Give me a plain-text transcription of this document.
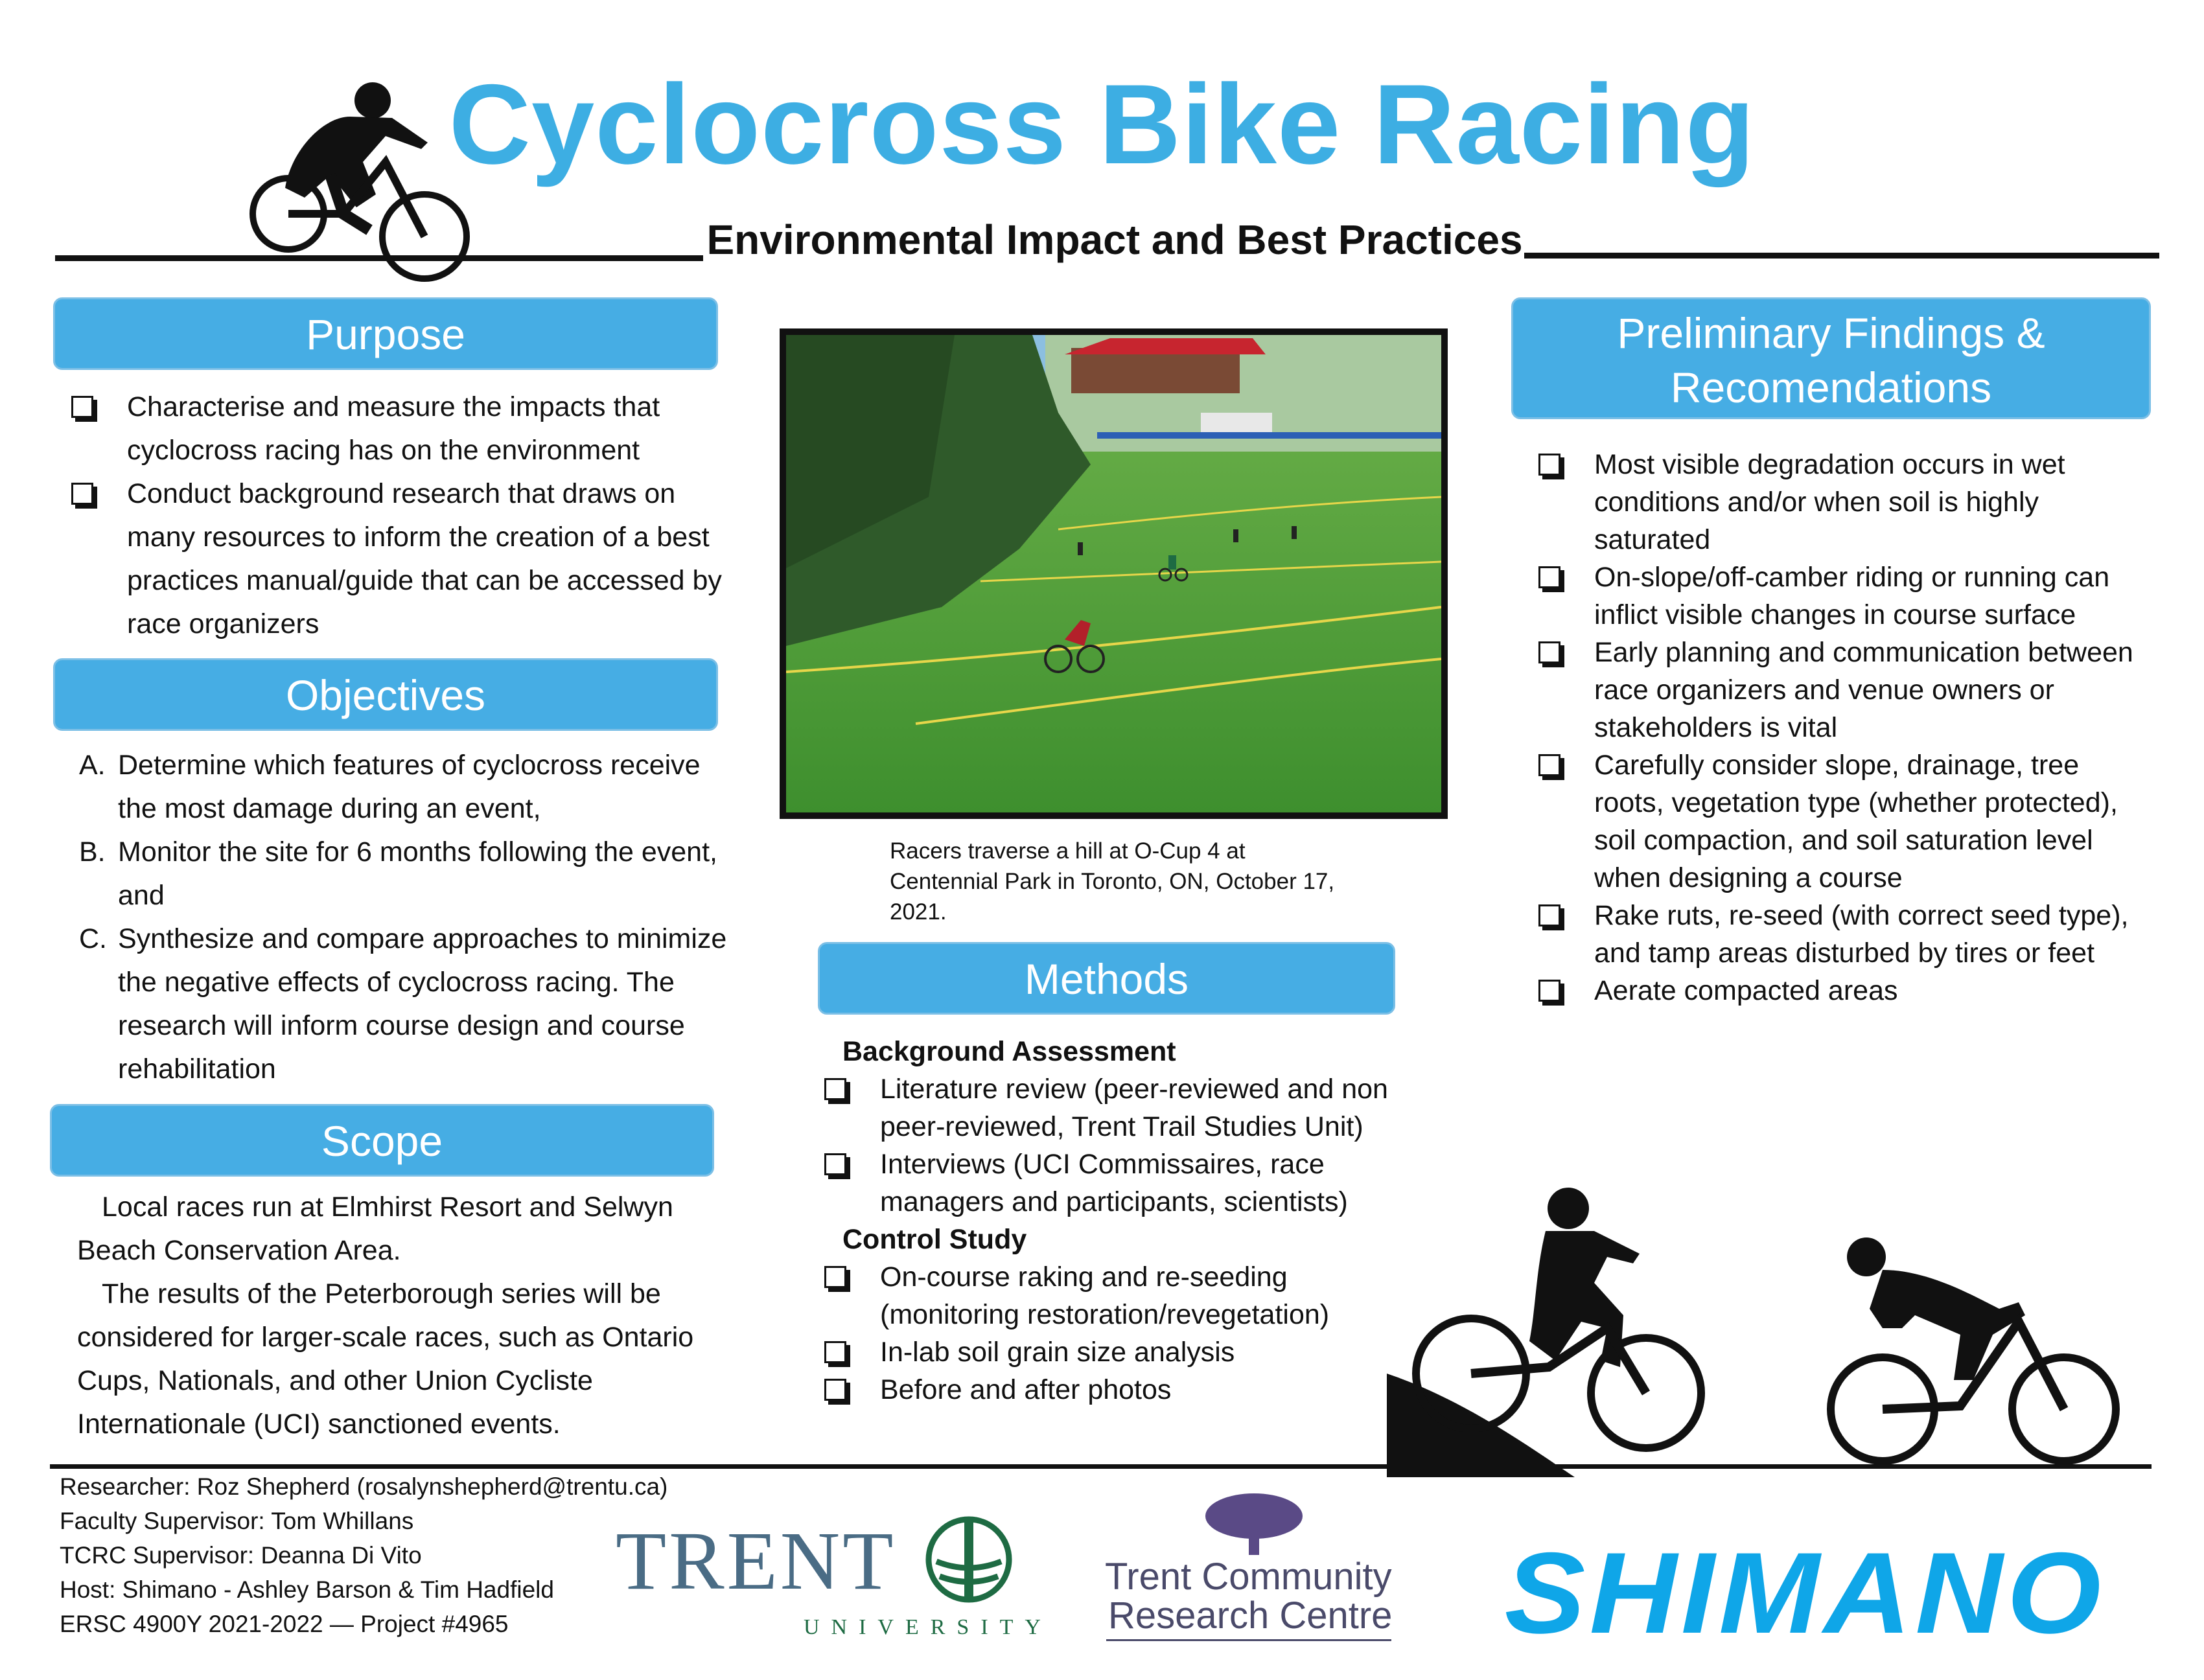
Cyclocross Bike Racing
Environmental Impact and Best Practices
Purpose
Characterise and measure the impacts that cyclocross racing has on the environment
Conduct background research that draws on many resources to inform the creation of a best practices manual/guide that can be accessed by race organizers
Objectives
A. Determine which features of cyclocross receive the most damage during an event,
B. Monitor the site for 6 months following the event, and
C. Synthesize and compare approaches to minimize the negative effects of cyclocross racing. The research will inform course design and course rehabilitation
Scope
Local races run at Elmhirst Resort and Selwyn Beach Conservation Area.
The results of the Peterborough series will be considered for larger-scale races, such as Ontario Cups, Nationals, and other Union Cycliste Internationale (UCI) sanctioned events.
Racers traverse a hill at O-Cup 4 at Centennial Park in Toronto, ON, October 17, 2021.
Methods
Background Assessment
Literature review (peer-reviewed and non peer-reviewed, Trent Trail Studies Unit)
Interviews (UCI Commissaires, race managers and participants, scientists)
Control Study
On-course raking and re-seeding (monitoring restoration/revegetation)
In-lab soil grain size analysis
Before and after photos
Preliminary Findings &
Recomendations
Most visible degradation occurs in wet conditions and/or when soil is highly saturated
On-slope/off-camber riding or running can inflict visible changes in course surface
Early planning and communication between race organizers and venue owners or stakeholders is vital
Carefully consider slope, drainage, tree roots, vegetation type (whether protected), soil compaction, and soil saturation level when designing a course
Rake ruts, re-seed (with correct seed type), and tamp areas disturbed by tires or feet
Aerate compacted areas
Researcher: Roz Shepherd (rosalynshepherd@trentu.ca)
Faculty Supervisor: Tom Whillans
TCRC Supervisor: Deanna Di Vito
Host: Shimano - Ashley Barson & Tim Hadfield
ERSC 4900Y 2021-2022 — Project #4965
TRENT
UNIVERSITY
Trent Community
Research Centre SHIMANO
